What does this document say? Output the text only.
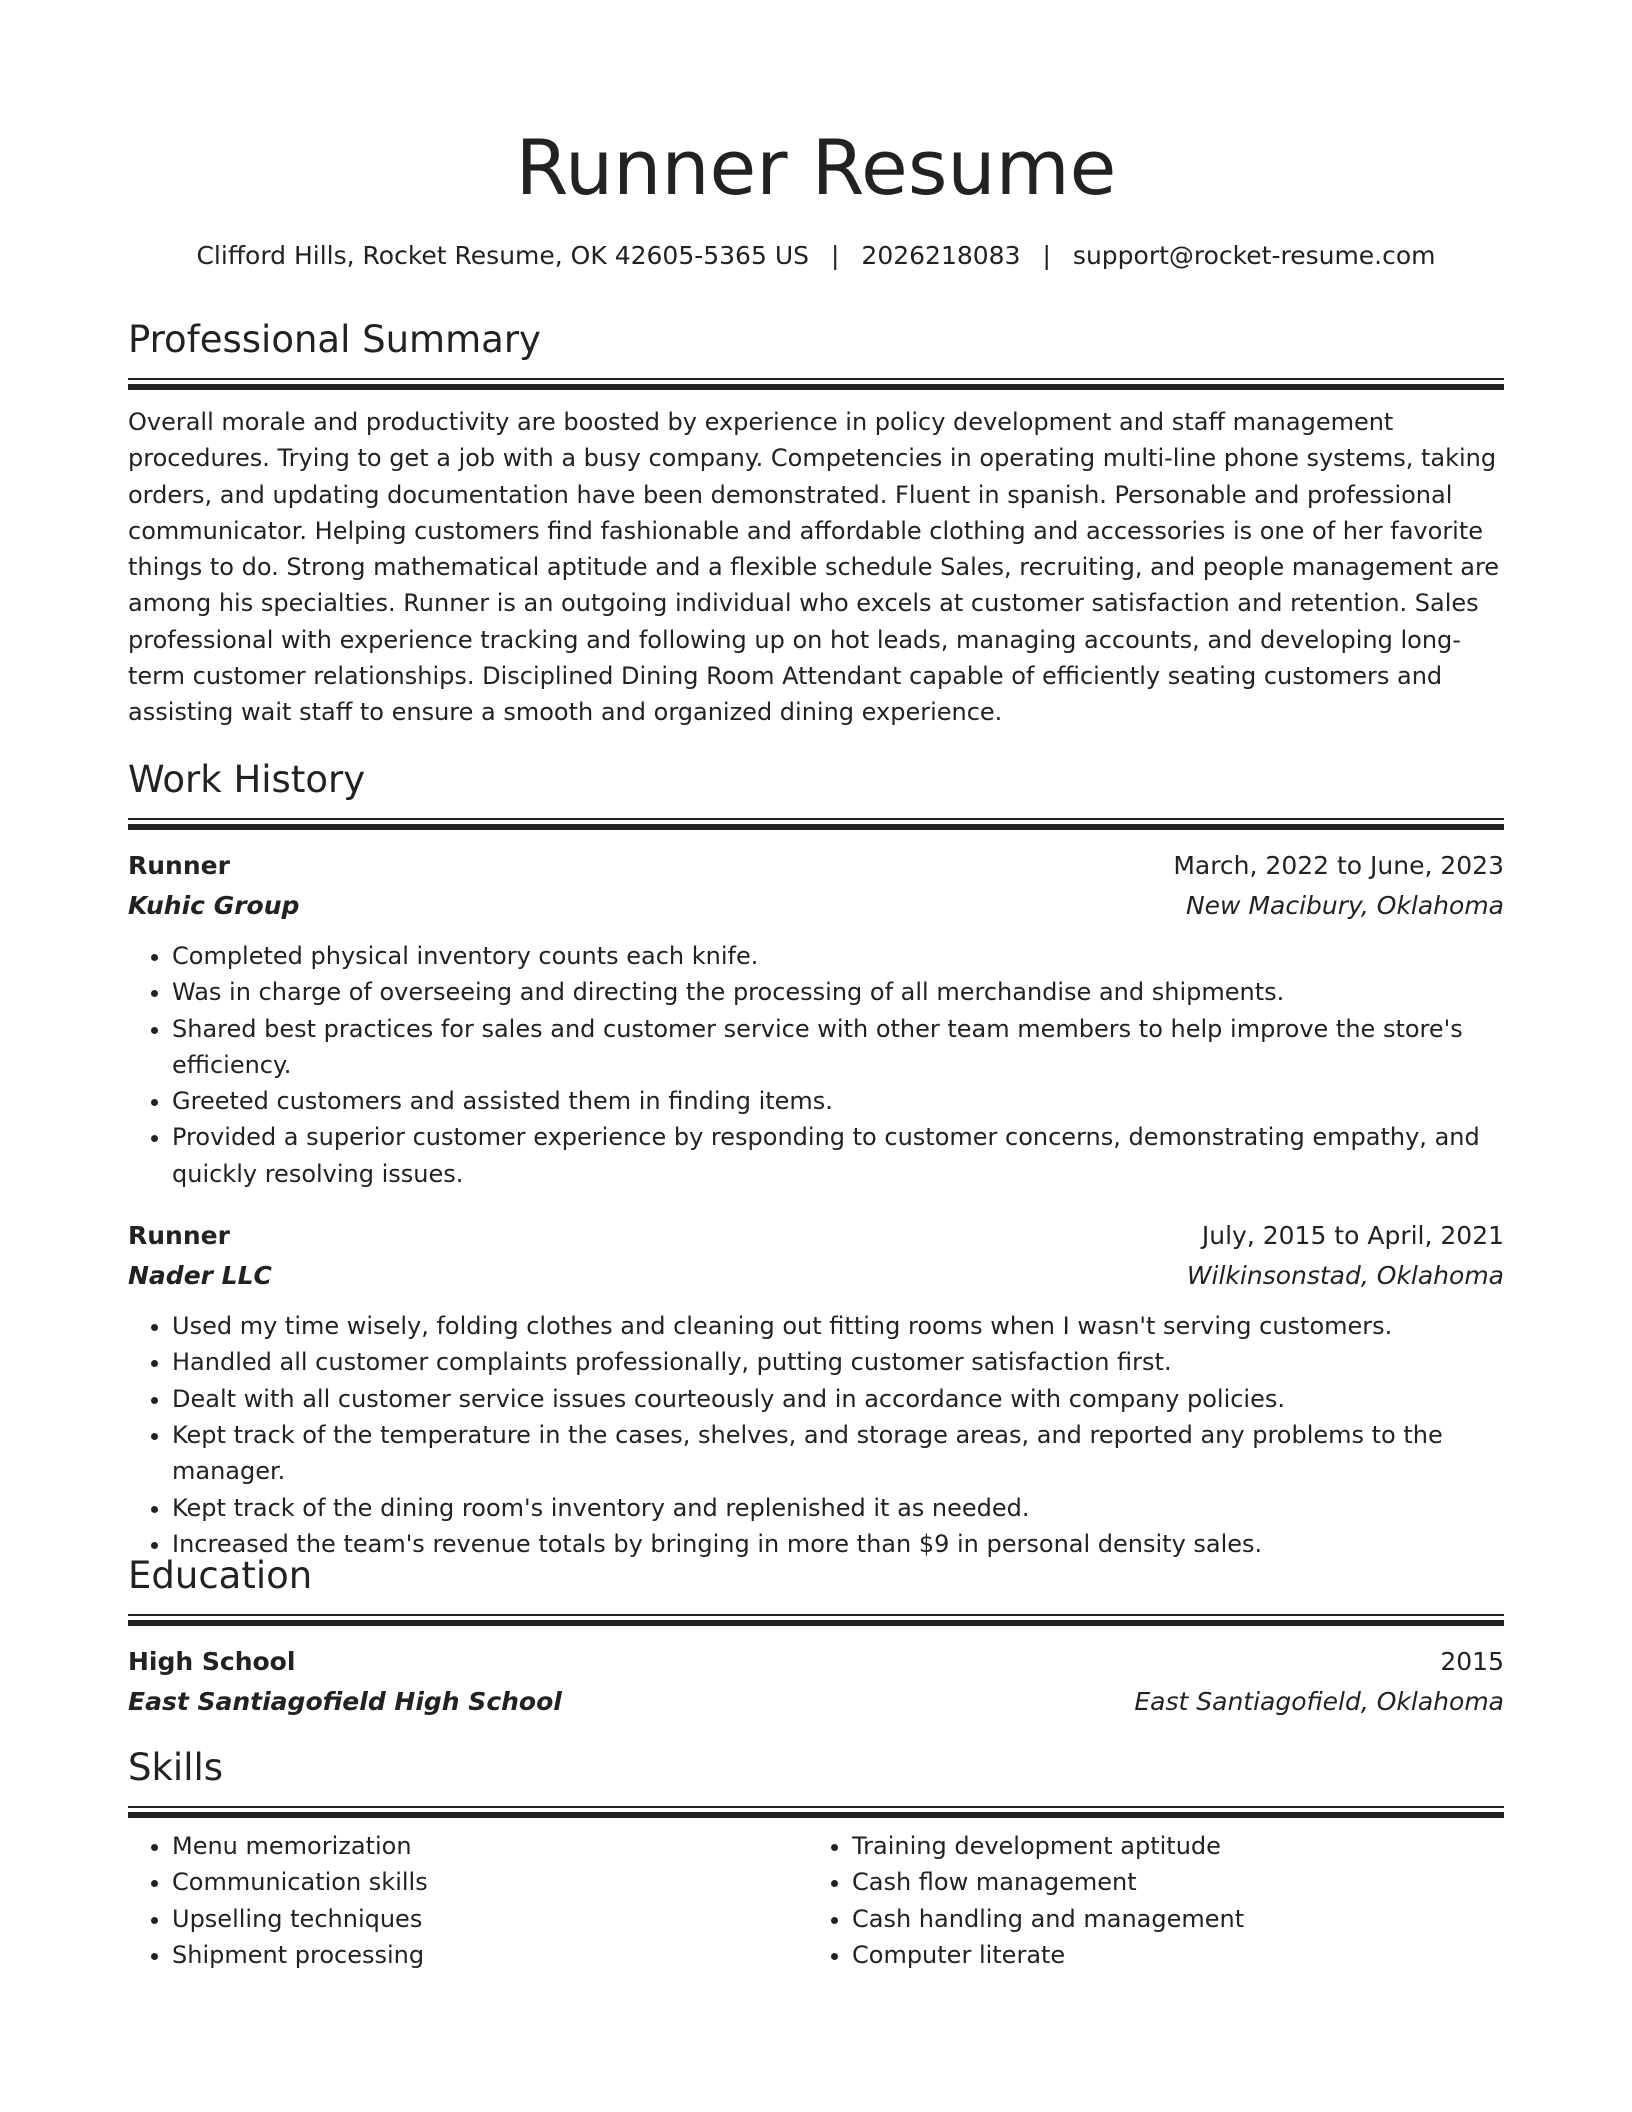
Runner Resume
Clifford Hills, Rocket Resume, OK 42605-5365 US | 2026218083 | support@rocket-resume.com
Professional Summary
Overall morale and productivity are boosted by experience in policy development and staff management procedures. Trying to get a job with a busy company. Competencies in operating multi-line phone systems, taking orders, and updating documentation have been demonstrated. Fluent in spanish. Personable and professional communicator. Helping customers find fashionable and affordable clothing and accessories is one of her favorite things to do. Strong mathematical aptitude and a flexible schedule Sales, recruiting, and people management are among his specialties. Runner is an outgoing individual who excels at customer satisfaction and retention. Sales professional with experience tracking and following up on hot leads, managing accounts, and developing long-term customer relationships. Disciplined Dining Room Attendant capable of efficiently seating customers and assisting wait staff to ensure a smooth and organized dining experience.
Work History
Runner	March, 2022 to June, 2023
Kuhic Group	New Macibury, Oklahoma
• Completed physical inventory counts each knife.
• Was in charge of overseeing and directing the processing of all merchandise and shipments.
• Shared best practices for sales and customer service with other team members to help improve the store's efficiency.
• Greeted customers and assisted them in finding items.
• Provided a superior customer experience by responding to customer concerns, demonstrating empathy, and quickly resolving issues.
Runner	July, 2015 to April, 2021
Nader LLC	Wilkinsonstad, Oklahoma
• Used my time wisely, folding clothes and cleaning out fitting rooms when I wasn't serving customers.
• Handled all customer complaints professionally, putting customer satisfaction first.
• Dealt with all customer service issues courteously and in accordance with company policies.
• Kept track of the temperature in the cases, shelves, and storage areas, and reported any problems to the manager.
• Kept track of the dining room's inventory and replenished it as needed.
• Increased the team's revenue totals by bringing in more than $9 in personal density sales.
Education
High School	2015
East Santiagofield High School	East Santiagofield, Oklahoma
Skills
• Menu memorization
• Communication skills
• Upselling techniques
• Shipment processing
• Training development aptitude
• Cash flow management
• Cash handling and management
• Computer literate
